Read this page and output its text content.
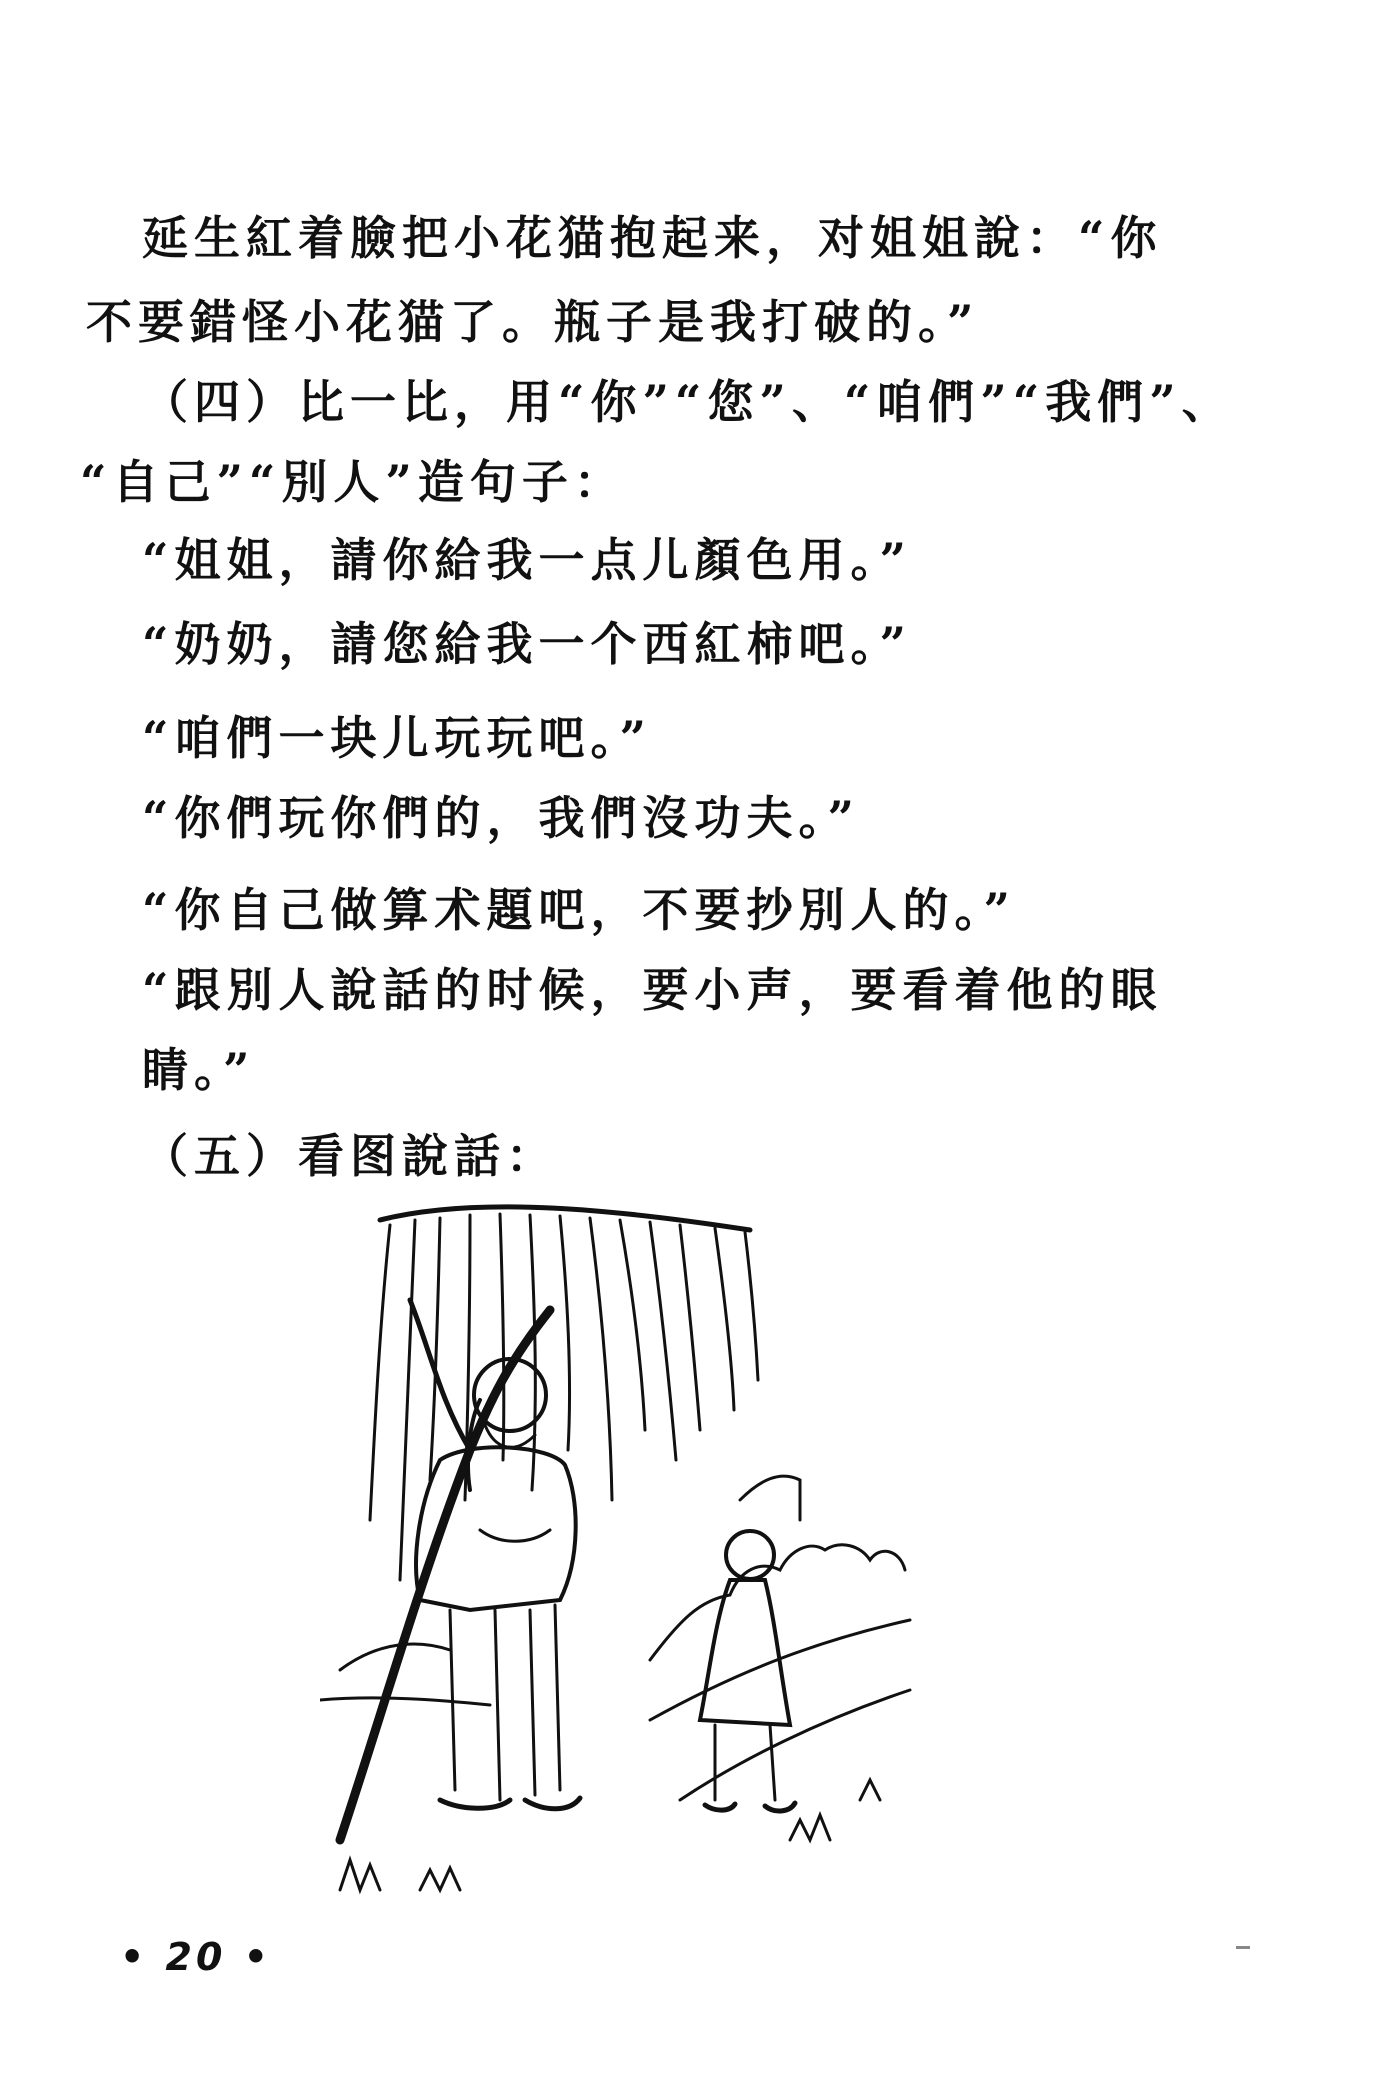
延生紅着臉把小花猫抱起来，对姐姐說：“你
不要錯怪小花猫了。瓶子是我打破的。”
（四）比一比，用“你”“您”、“咱們”“我們”、
“自己”“別人”造句子：
“姐姐，請你給我一点儿顏色用。”
“奶奶，請您給我一个西紅柿吧。”
“咱們一块儿玩玩吧。”
“你們玩你們的，我們沒功夫。”
“你自己做算术題吧，不要抄別人的。”
“跟別人說話的时候，要小声，要看着他的眼
睛。”
（五）看图說話：
• 20 •
